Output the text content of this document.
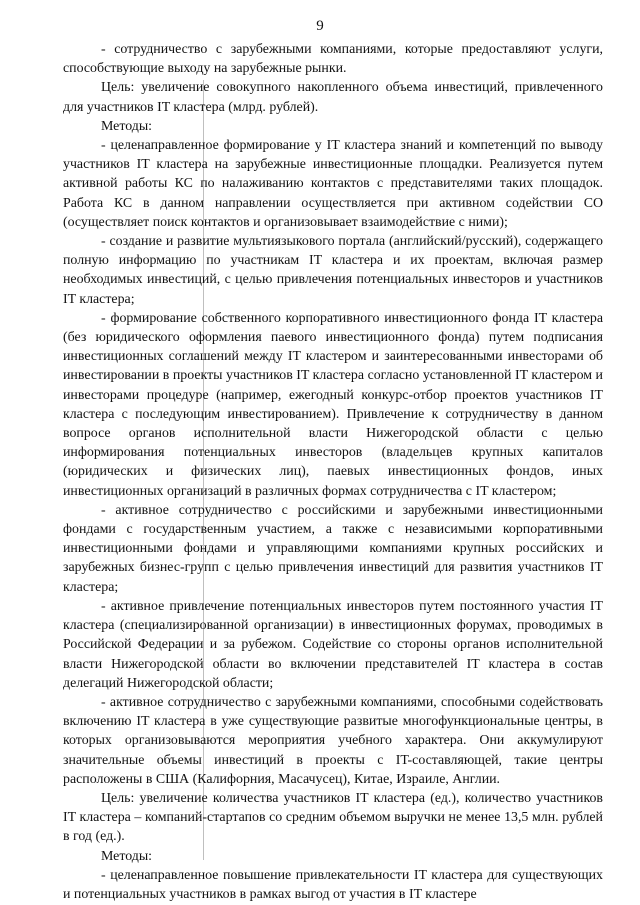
9

- сотрудничество с зарубежными компаниями, которые предоставляют услуги, способствующие выходу на зарубежные рынки.

Цель: увеличение совокупного накопленного объема инвестиций, привлеченного для участников IT кластера (млрд. рублей).

Методы:

- целенаправленное формирование у IT кластера знаний и компетенций по выводу участников IT кластера на зарубежные инвестиционные площадки. Реализуется путем активной работы КС по налаживанию контактов с представителями таких площадок. Работа КС в данном направлении осуществляется при активном содействии СО (осуществляет поиск контактов и организовывает взаимодействие с ними);

- создание и развитие мультиязыкового портала (английский/русский), содержащего полную информацию по участникам IT кластера и их проектам, включая размер необходимых инвестиций, с целью привлечения потенциальных инвесторов и участников IT кластера;

- формирование собственного корпоративного инвестиционного фонда IT кластера (без юридического оформления паевого инвестиционного фонда) путем подписания инвестиционных соглашений между IT кластером и заинтересованными инвесторами об инвестировании в проекты участников IT кластера согласно установленной IT кластером и инвесторами процедуре (например, ежегодный конкурс-отбор проектов участников IT кластера с последующим инвестированием). Привлечение к сотрудничеству в данном вопросе органов исполнительной власти Нижегородской области с целью информирования потенциальных инвесторов (владельцев крупных капиталов (юридических и физических лиц), паевых инвестиционных фондов, иных инвестиционных организаций в различных формах сотрудничества с IT кластером;

- активное сотрудничество с российскими и зарубежными инвестиционными фондами с государственным участием, а также с независимыми корпоративными инвестиционными фондами и управляющими компаниями крупных российских и зарубежных бизнес-групп с целью привлечения инвестиций для развития участников IT кластера;

- активное привлечение потенциальных инвесторов путем постоянного участия IT кластера (специализированной организации) в инвестиционных форумах, проводимых в Российской Федерации и за рубежом. Содействие со стороны органов исполнительной власти Нижегородской области во включении представителей IT кластера в состав делегаций Нижегородской области;

- активное сотрудничество с зарубежными компаниями, способными содействовать включению IT кластера в уже существующие развитые многофункциональные центры, в которых организовываются мероприятия учебного характера. Они аккумулируют значительные объемы инвестиций в проекты с IT-составляющей, такие центры расположены в США (Калифорния, Масачусец), Китае, Израиле, Англии.

Цель: увеличение количества участников IT кластера (ед.), количество участников IT кластера – компаний-стартапов со средним объемом выручки не менее 13,5 млн. рублей в год (ед.).

Методы:

- целенаправленное повышение привлекательности IT кластера для существующих и потенциальных участников в рамках выгод от участия в IT кластере
